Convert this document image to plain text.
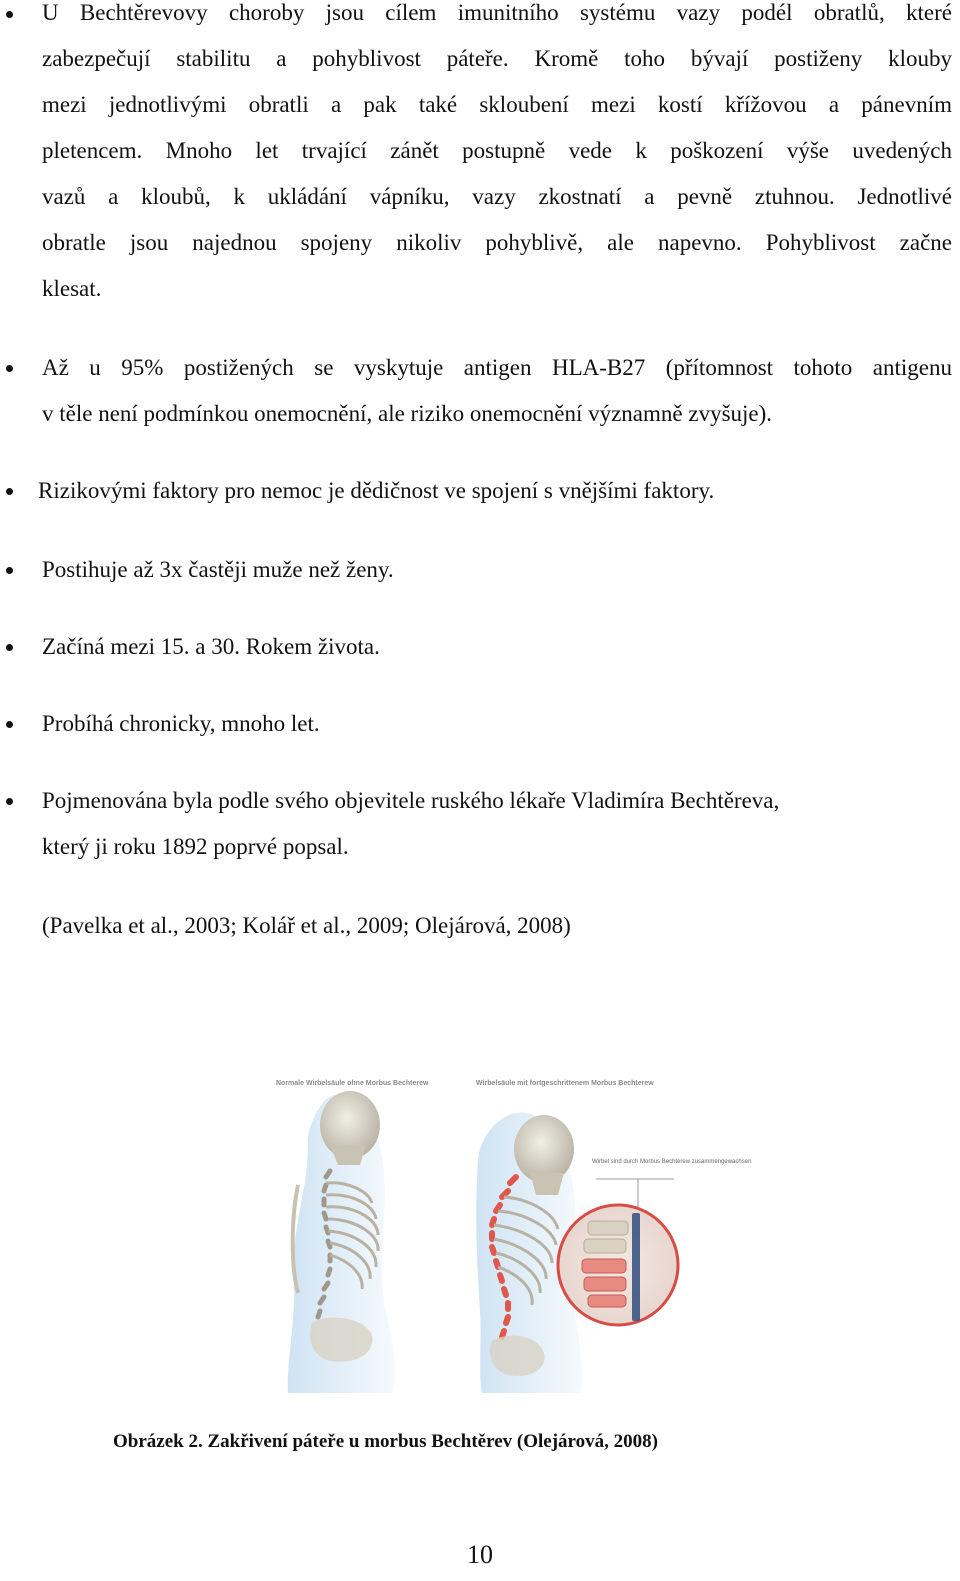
U Bechtěrevovy choroby jsou cílem imunitního systému vazy podél obratlů, které
zabezpečují stabilitu a pohyblivost páteře. Kromě toho bývají postiženy klouby
mezi jednotlivými obratli a pak také skloubení mezi kostí křížovou a pánevním
pletencem. Mnoho let trvající zánět postupně vede k poškození výše uvedených
vazů a kloubů, k ukládání vápníku, vazy zkostnatí a pevně ztuhnou. Jednotlivé
obratle jsou najednou spojeny nikoliv pohyblivě, ale napevno. Pohyblivost začne
klesat.

Až u 95% postižených se vyskytuje antigen HLA-B27 (přítomnost tohoto antigenu
v těle není podmínkou onemocnění, ale riziko onemocnění významně zvyšuje).

Rizikovými faktory pro nemoc je dědičnost ve spojení s vnějšími faktory.

Postihuje až 3x častěji muže než ženy.

Začíná mezi 15. a 30. Rokem života.

Probíhá chronicky, mnoho let.

Pojmenována byla podle svého objevitele ruského lékaře Vladimíra Bechtěreva,
který ji roku 1892 poprvé popsal.

(Pavelka et al., 2003; Kolář et al., 2009; Olejárová, 2008)

Normale Wirbelsäule ohne Morbus Bechterew	Wirbelsäule mit fortgeschrittenem Morbus Bechterew
Wirbel sind durch Morbus Bechterew zusammengewachsen
Obrázek 2. Zakřivení páteře u morbus Bechtěrev (Olejárová, 2008)
10
